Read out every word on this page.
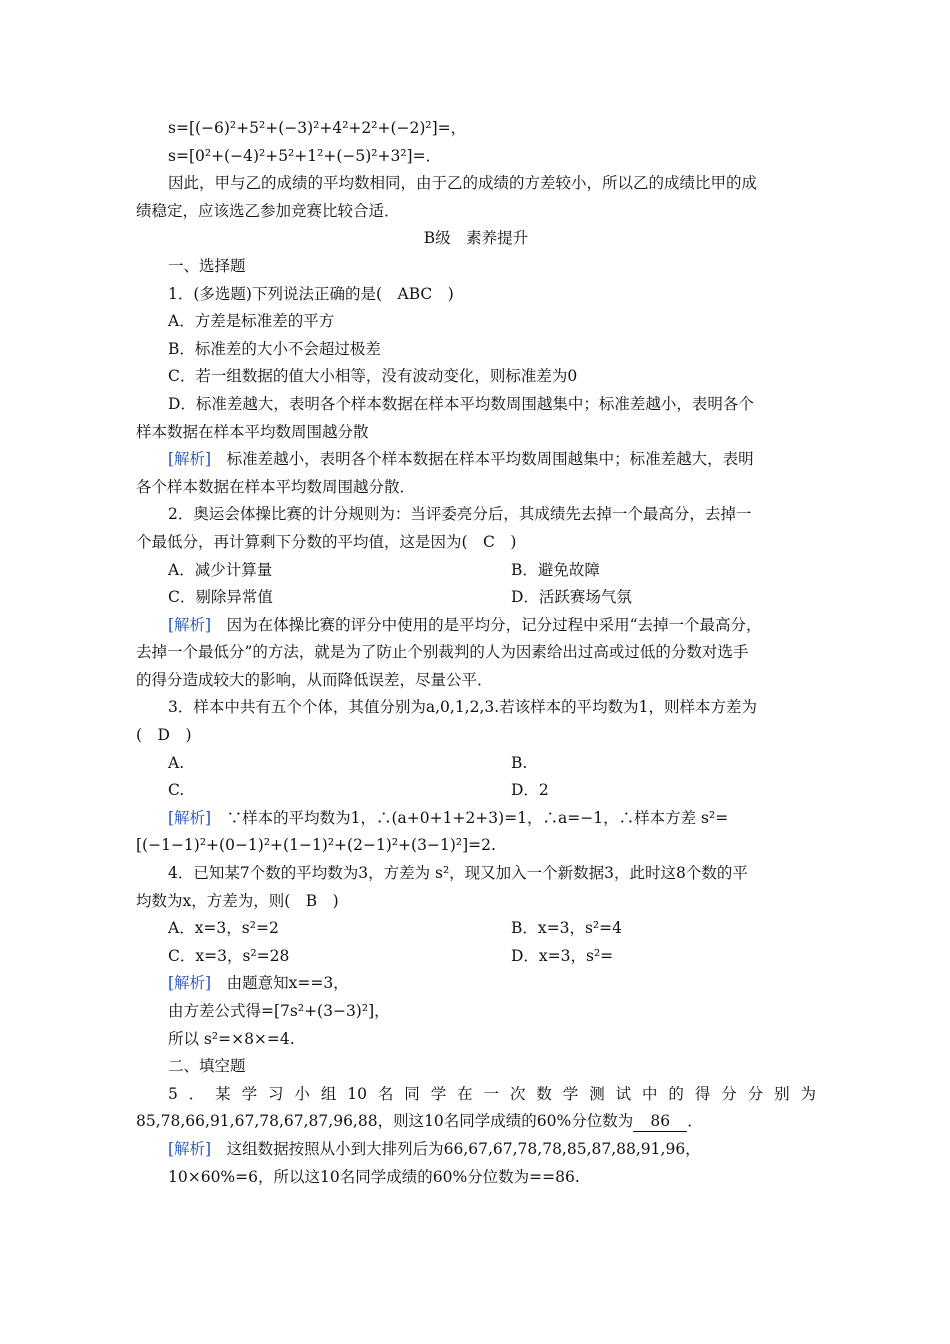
s=[(−6)²+5²+(−3)²+4²+2²+(−2)²]=，
s=[0²+(−4)²+5²+1²+(−5)²+3²]=．
因此，甲与乙的成绩的平均数相同，由于乙的成绩的方差较小，所以乙的成绩比甲的成
绩稳定，应该选乙参加竞赛比较合适．
B级　素养提升
一、选择题
1．(多选题)下列说法正确的是(　ABC　)
A．方差是标准差的平方
B．标准差的大小不会超过极差
C．若一组数据的值大小相等，没有波动变化，则标准差为0
D．标准差越大，表明各个样本数据在样本平均数周围越集中；标准差越小，表明各个
样本数据在样本平均数周围越分散
[解析]　标准差越小，表明各个样本数据在样本平均数周围越集中；标准差越大，表明
各个样本数据在样本平均数周围越分散．
2．奥运会体操比赛的计分规则为：当评委亮分后，其成绩先去掉一个最高分，去掉一
个最低分，再计算剩下分数的平均值，这是因为(　C　)
A．减少计算量	B．避免故障
C．剔除异常值	D．活跃赛场气氛
[解析]　因为在体操比赛的评分中使用的是平均分，记分过程中采用“去掉一个最高分，
去掉一个最低分”的方法，就是为了防止个别裁判的人为因素给出过高或过低的分数对选手
的得分造成较大的影响，从而降低误差，尽量公平．
3．样本中共有五个个体，其值分别为a,0,1,2,3.若该样本的平均数为1，则样本方差为
(　D　)
A.	B.
C.	D．2
[解析]　∵样本的平均数为1，∴(a+0+1+2+3)=1，∴a=−1，∴样本方差 s²=
[(−1−1)²+(0−1)²+(1−1)²+(2−1)²+(3−1)²]=2.
4．已知某7个数的平均数为3，方差为 s²，现又加入一个新数据3，此时这8个数的平
均数为x，方差为，则(　B　)
A．x=3，s²=2	B．x=3，s²=4
C．x=3，s²=28	D．x=3，s²=
[解析]　由题意知x==3，
由方差公式得=[7s²+(3−3)²]，
所以 s²=×8×=4.
二、填空题
5．某学习小组10名同学在一次数学测试中的得分分别为
85,78,66,91,67,78,67,87,96,88，则这10名同学成绩的60%分位数为 86 ．
[解析]　这组数据按照从小到大排列后为66,67,67,78,78,85,87,88,91,96，
10×60%=6，所以这10名同学成绩的60%分位数为==86.
